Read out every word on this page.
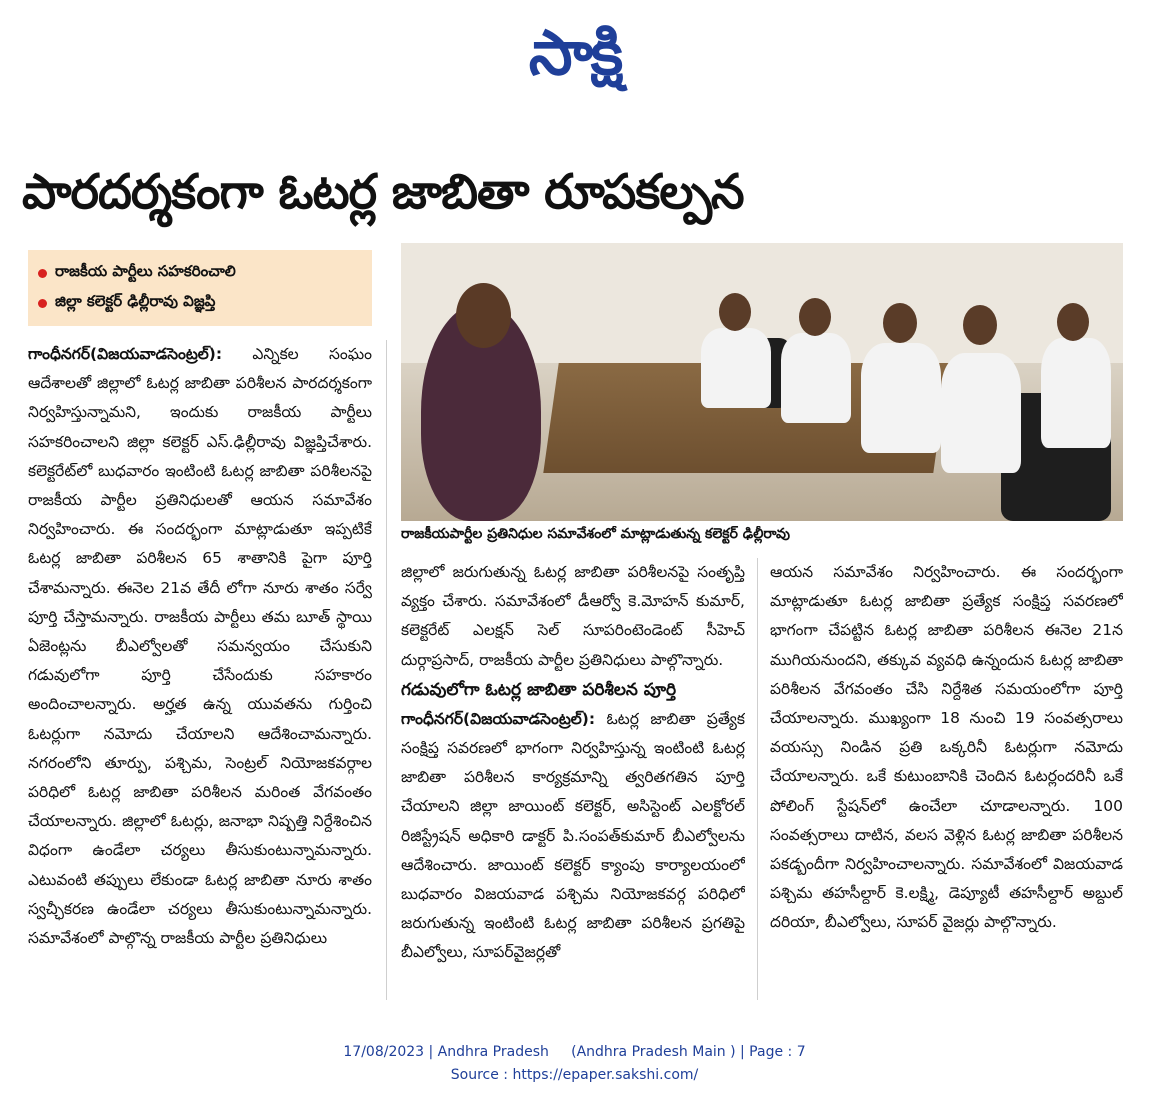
సాక్షి
పారదర్శకంగా ఓటర్ల జాబితా రూపకల్పన
రాజకీయ పార్టీలు సహకరించాలి
జిల్లా కలెక్టర్ ఢిల్లీరావు విజ్ఞప్తి
రాజకీయపార్టీల ప్రతినిధుల సమావేశంలో మాట్లాడుతున్న కలెక్టర్ ఢిల్లీరావు

గాంధీనగర్(విజయవాడసెంట్రల్): ఎన్నికల సంఘం ఆదేశాలతో జిల్లాలో ఓటర్ల జాబితా పరిశీలన పారదర్శకంగా నిర్వహిస్తున్నామని, ఇందుకు రాజకీయ పార్టీలు సహకరించాలని జిల్లా కలెక్టర్ ఎస్.ఢిల్లీరావు విజ్ఞప్తిచేశారు. కలెక్టరేట్‌లో బుధవారం ఇంటింటి ఓటర్ల జాబితా పరిశీలనపై రాజకీయ పార్టీల ప్రతినిధులతో ఆయన సమావేశం నిర్వహించారు. ఈ సందర్భంగా మాట్లాడుతూ ఇప్పటికే ఓటర్ల జాబితా పరిశీలన 65 శాతానికి పైగా పూర్తి చేశామన్నారు. ఈనెల 21వ తేదీ లోగా నూరు శాతం సర్వే పూర్తి చేస్తామన్నారు. రాజకీయ పార్టీలు తమ బూత్ స్థాయి ఏజెంట్లను బీఎల్వోలతో సమన్వయం చేసుకుని గడువులోగా పూర్తి చేసేందుకు సహకారం అందించాలన్నారు. అర్హత ఉన్న యువతను గుర్తించి ఓటర్లుగా నమోదు చేయాలని ఆదేశించామన్నారు. నగరంలోని తూర్పు, పశ్చిమ, సెంట్రల్ నియోజకవర్గాల పరిధిలో ఓటర్ల జాబితా పరిశీలన మరింత వేగవంతం చేయాలన్నారు. జిల్లాలో ఓటర్లు, జనాభా నిష్పత్తి నిర్దేశించిన విధంగా ఉండేలా చర్యలు తీసుకుంటున్నామన్నారు. ఎటువంటి తప్పులు లేకుండా ఓటర్ల జాబితా నూరు శాతం స్వచ్ఛీకరణ ఉండేలా చర్యలు తీసుకుంటున్నామన్నారు. సమావేశంలో పాల్గొన్న రాజకీయ పార్టీల ప్రతినిధులు

జిల్లాలో జరుగుతున్న ఓటర్ల జాబితా పరిశీలనపై సంతృప్తి వ్యక్తం చేశారు. సమావేశంలో డీఆర్వో కె.మోహన్ కుమార్, కలెక్టరేట్ ఎలక్షన్ సెల్ సూపరింటెండెంట్ సీహెచ్ దుర్గాప్రసాద్, రాజకీయ పార్టీల ప్రతినిధులు పాల్గొన్నారు.

గడువులోగా ఓటర్ల జాబితా పరిశీలన పూర్తి

గాంధీనగర్(విజయవాడసెంట్రల్): ఓటర్ల జాబితా ప్రత్యేక సంక్షిప్త సవరణలో భాగంగా నిర్వహిస్తున్న ఇంటింటి ఓటర్ల జాబితా పరిశీలన కార్యక్రమాన్ని త్వరితగతిన పూర్తి చేయాలని జిల్లా జాయింట్ కలెక్టర్, అసిస్టెంట్ ఎలక్టోరల్ రిజిస్ట్రేషన్ అధికారి డాక్టర్ పి.సంపత్‌కుమార్ బీఎల్వోలను ఆదేశించారు. జాయింట్ కలెక్టర్ క్యాంపు కార్యాలయంలో బుధవారం విజయవాడ పశ్చిమ నియోజకవర్గ పరిధిలో జరుగుతున్న ఇంటింటి ఓటర్ల జాబితా పరిశీలన ప్రగతిపై బీఎల్వోలు, సూపర్‌వైజర్లతో

ఆయన సమావేశం నిర్వహించారు. ఈ సందర్భంగా మాట్లాడుతూ ఓటర్ల జాబితా ప్రత్యేక సంక్షిప్త సవరణలో భాగంగా చేపట్టిన ఓటర్ల జాబితా పరిశీలన ఈనెల 21న ముగియనుందని, తక్కువ వ్యవధి ఉన్నందున ఓటర్ల జాబితా పరిశీలన వేగవంతం చేసి నిర్దేశిత సమయంలోగా పూర్తి చేయాలన్నారు. ముఖ్యంగా 18 నుంచి 19 సంవత్సరాలు వయస్సు నిండిన ప్రతి ఒక్కరినీ ఓటర్లుగా నమోదు చేయాలన్నారు. ఒకే కుటుంబానికి చెందిన ఓటర్లందరినీ ఒకే పోలింగ్ స్టేషన్‌లో ఉంచేలా చూడాలన్నారు. 100 సంవత్సరాలు దాటిన, వలస వెళ్లిన ఓటర్ల జాబితా పరిశీలన పకడ్బందీగా నిర్వహించాలన్నారు. సమావేశంలో విజయవాడ పశ్చిమ తహసీల్దార్ కె.లక్ష్మి, డెప్యూటీ తహసీల్దార్ అబ్దుల్ దరియా, బీఎల్వోలు, సూపర్ వైజర్లు పాల్గొన్నారు.

17/08/2023 | Andhra Pradesh     (Andhra Pradesh Main ) | Page : 7
Source : https://epaper.sakshi.com/
